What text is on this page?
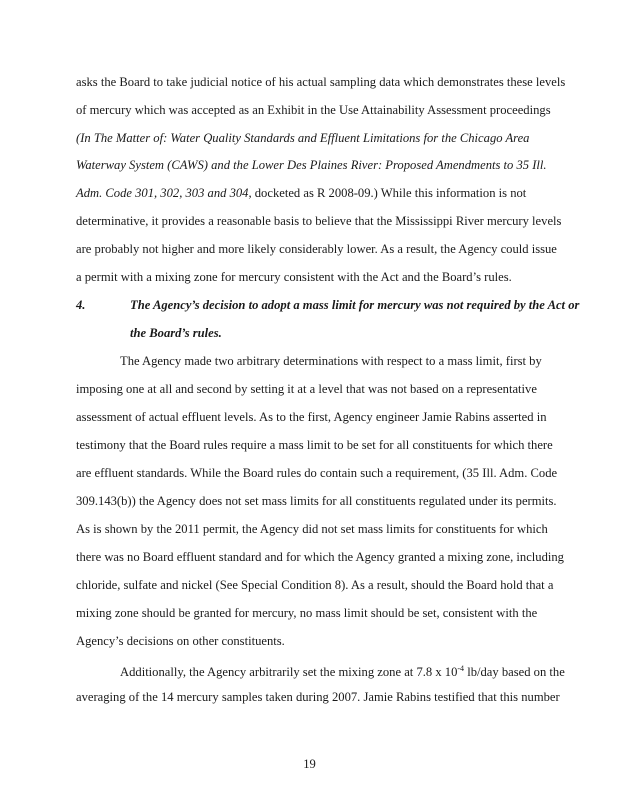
asks the Board to take judicial notice of his actual sampling data which demonstrates these levels
of mercury which was accepted as an Exhibit in the Use Attainability Assessment proceedings
(In The Matter of: Water Quality Standards and Effluent Limitations for the Chicago Area
Waterway System (CAWS) and the Lower Des Plaines River: Proposed Amendments to 35 Ill.
Adm. Code 301, 302, 303 and 304, docketed as R 2008-09.) While this information is not
determinative, it provides a reasonable basis to believe that the Mississippi River mercury levels
are probably not higher and more likely considerably lower. As a result, the Agency could issue
a permit with a mixing zone for mercury consistent with the Act and the Board’s rules.
4.	The Agency’s decision to adopt a mass limit for mercury was not required by the Act or
the Board’s rules.
The Agency made two arbitrary determinations with respect to a mass limit, first by
imposing one at all and second by setting it at a level that was not based on a representative
assessment of actual effluent levels. As to the first, Agency engineer Jamie Rabins asserted in
testimony that the Board rules require a mass limit to be set for all constituents for which there
are effluent standards. While the Board rules do contain such a requirement, (35 Ill. Adm. Code
309.143(b)) the Agency does not set mass limits for all constituents regulated under its permits.
As is shown by the 2011 permit, the Agency did not set mass limits for constituents for which
there was no Board effluent standard and for which the Agency granted a mixing zone, including
chloride, sulfate and nickel (See Special Condition 8). As a result, should the Board hold that a
mixing zone should be granted for mercury, no mass limit should be set, consistent with the
Agency’s decisions on other constituents.
Additionally, the Agency arbitrarily set the mixing zone at 7.8 x $10^{-4}$ lb/day based on the
averaging of the 14 mercury samples taken during 2007. Jamie Rabins testified that this number
19
